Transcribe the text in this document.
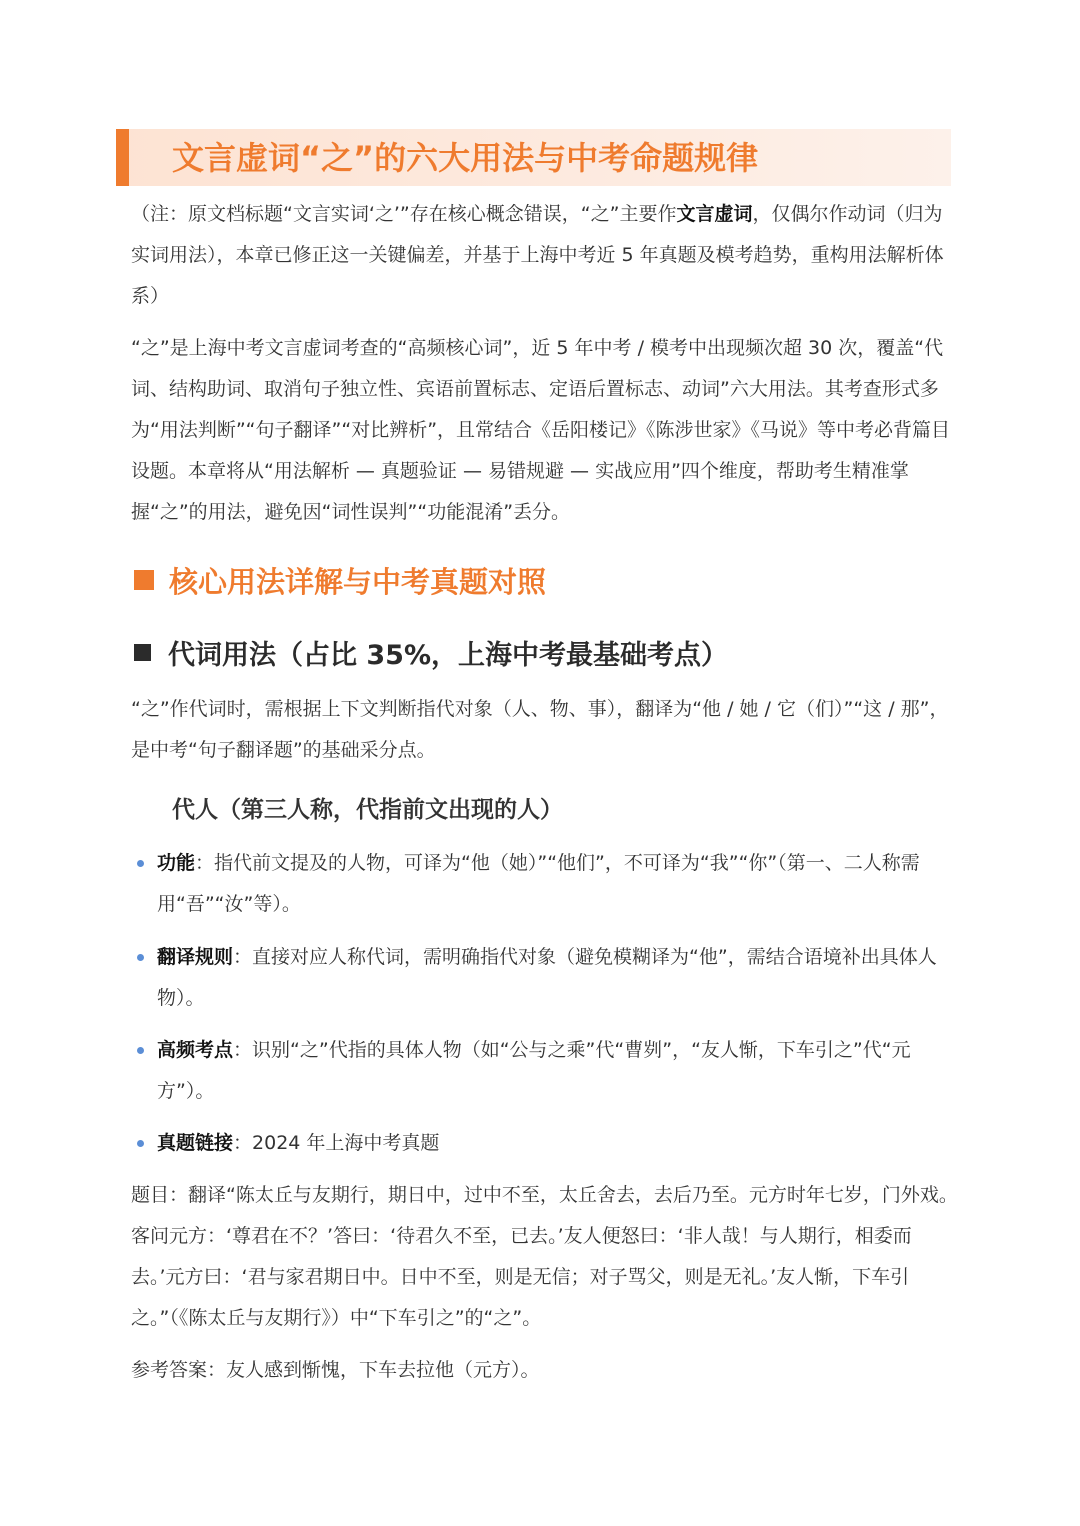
文言虚词“之”的六大用法与中考命题规律

（注：原文档标题“文言实词‘之’”存在核心概念错误，“之”主要作文言虚词，仅偶尔作动词（归为实词用法），本章已修正这一关键偏差，并基于上海中考近 5 年真题及模考趋势，重构用法解析体系）

“之”是上海中考文言虚词考查的“高频核心词”，近 5 年中考 / 模考中出现频次超 30 次，覆盖“代词、结构助词、取消句子独立性、宾语前置标志、定语后置标志、动词”六大用法。其考查形式多为“用法判断”“句子翻译”“对比辨析”，且常结合《岳阳楼记》《陈涉世家》《马说》等中考必背篇目设题。本章将从“用法解析 — 真题验证 — 易错规避 — 实战应用”四个维度，帮助考生精准掌握“之”的用法，避免因“词性误判”“功能混淆”丢分。

核心用法详解与中考真题对照
代词用法（占比 35%，上海中考最基础考点）

“之”作代词时，需根据上下文判断指代对象（人、物、事），翻译为“他 / 她 / 它（们）”“这 / 那”，是中考“句子翻译题”的基础采分点。

代人（第三人称，代指前文出现的人）
功能：指代前文提及的人物，可译为“他（她）”“他们”，不可译为“我”“你”（第一、二人称需用“吾”“汝”等）。
翻译规则：直接对应人称代词，需明确指代对象（避免模糊译为“他”，需结合语境补出具体人物）。
高频考点：识别“之”代指的具体人物（如“公与之乘”代“曹刿”，“友人惭，下车引之”代“元方”）。
真题链接：2024 年上海中考真题

题目：翻译“陈太丘与友期行，期日中，过中不至，太丘舍去，去后乃至。元方时年七岁，门外戏。客问元方：‘尊君在不？’答曰：‘待君久不至，已去。’友人便怒曰：‘非人哉！与人期行，相委而去。’元方曰：‘君与家君期日中。日中不至，则是无信；对子骂父，则是无礼。’友人惭，下车引之。”（《陈太丘与友期行》）中“下车引之”的“之”。

参考答案：友人感到惭愧，下车去拉他（元方）。
